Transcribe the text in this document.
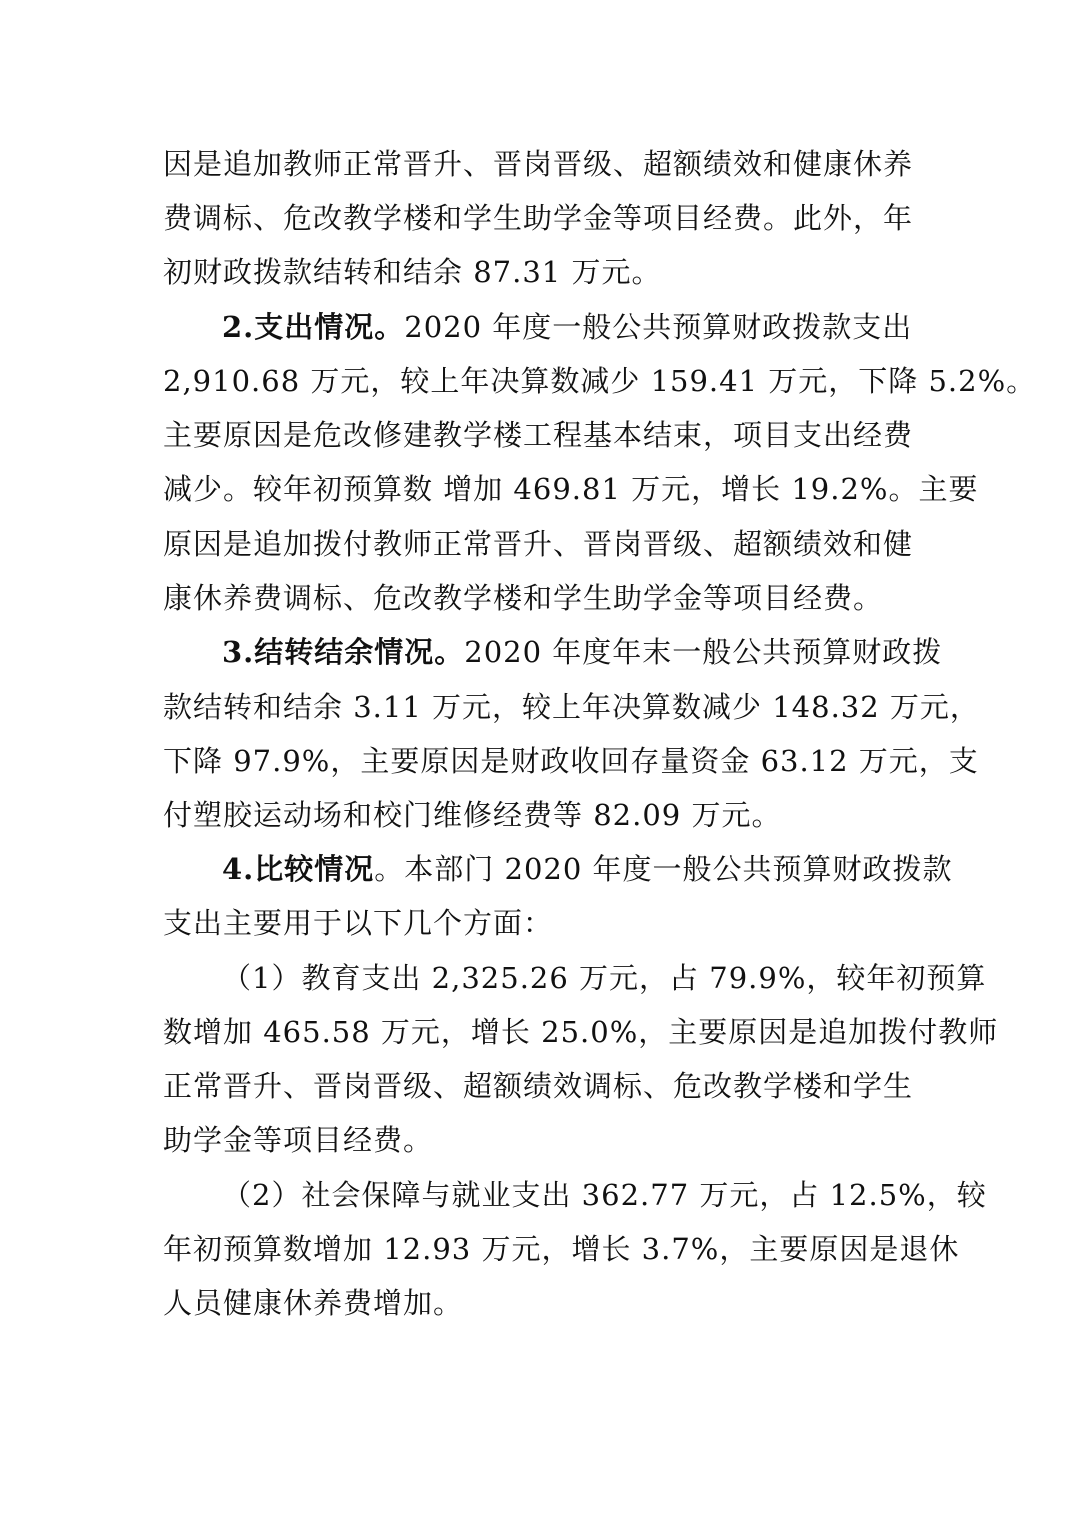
因是追加教师正常晋升、晋岗晋级、超额绩效和健康休养
费调标、危改教学楼和学生助学金等项目经费。此外，年
初财政拨款结转和结余 87.31 万元。
2.支出情况。2020 年度一般公共预算财政拨款支出
2,910.68 万元，较上年决算数减少 159.41 万元，下降 5.2%。
主要原因是危改修建教学楼工程基本结束，项目支出经费
减少。较年初预算数 增加 469.81 万元，增长 19.2%。主要
原因是追加拨付教师正常晋升、晋岗晋级、超额绩效和健
康休养费调标、危改教学楼和学生助学金等项目经费。
3.结转结余情况。2020 年度年末一般公共预算财政拨
款结转和结余 3.11 万元，较上年决算数减少 148.32 万元，
下降 97.9%，主要原因是财政收回存量资金 63.12 万元，支
付塑胶运动场和校门维修经费等 82.09 万元。
4.比较情况。本部门 2020 年度一般公共预算财政拨款
支出主要用于以下几个方面：
（1）教育支出 2,325.26 万元，占 79.9%，较年初预算
数增加 465.58 万元，增长 25.0%，主要原因是追加拨付教师
正常晋升、晋岗晋级、超额绩效调标、危改教学楼和学生
助学金等项目经费。
（2）社会保障与就业支出 362.77 万元，占 12.5%，较
年初预算数增加 12.93 万元，增长 3.7%，主要原因是退休
人员健康休养费增加。
